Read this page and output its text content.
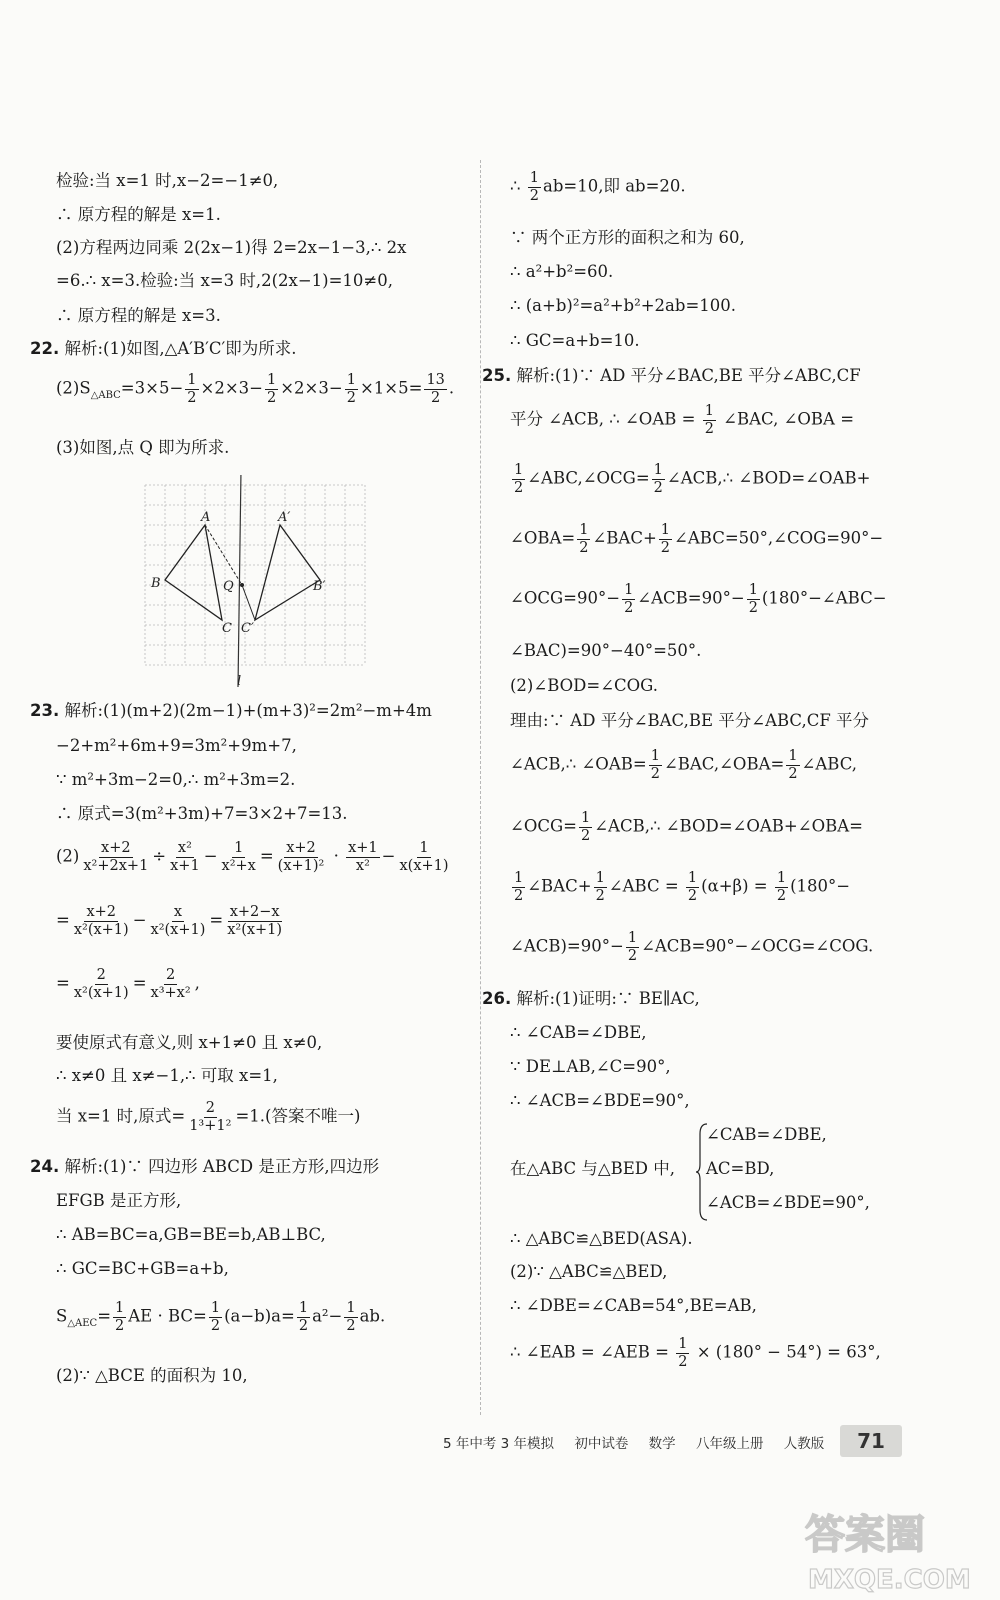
检验:当 x=1 时,x−2=−1≠0,
∴ 原方程的解是 x=1.
(2)方程两边同乘 2(2x−1)得 2=2x−1−3,∴ 2x
=6.∴ x=3.检验:当 x=3 时,2(2x−1)=10≠0,
∴ 原方程的解是 x=3.
22. 解析:(1)如图,△A′B′C′即为所求.
$(2)S_{\triangle ABC}=3\times 5- \frac{1}{2} \times 2\times 3- \frac{1}{2} \times 2\times 3- \frac{1}{2} \times 1\times 5= \frac{13}{2}$ .
(3)如图,点 Q 即为所求.
23. 解析:(1)(m+2)(2m−1)+(m+3)²=2m²−m+4m
−2+m²+6m+9=3m²+9m+7,
∵ m²+3m−2=0,∴ m²+3m=2.
∴ 原式=3(m²+3m)+7=3×2+7=13.
$(2) \frac{x+2}{\text{x²+2x+1}} \div \frac{\text{x²}}{x+1} - \frac{1}{\text{x²+x}} = \frac{x+2}{\text{(x+1)²}} \cdot \frac{x+1}{\text{x²}} - \frac{1}{x(x+1)}$
= $\frac{x+2}{\text{x²(x+1)}} - \frac{x}{\text{x²(x+1)}} = \frac{x+2-x}{\text{x²(x+1)}}$
= $\frac{2}{\text{x²(x+1)}} = \frac{2}{\text{x³+x²}}$ ,
要使原式有意义,则 x+1≠0 且 x≠0,
∴ x≠0 且 x≠−1,∴ 可取 x=1,
当 x=1 时,原式= $\frac{2}{\text{1³+1²}} =1$.(答案不唯一)
24. 解析:(1)∵ 四边形 ABCD 是正方形,四边形
EFGB 是正方形,
∴ AB=BC=a,GB=BE=b,AB⊥BC,
∴ GC=BC+GB=a+b,
$S_{\triangle AEC}= \frac{1}{2}$ AE · $BC= \frac{1}{2} (a-b)a= \frac{1}{2} a^2- \frac{1}{2}$ ab.
(2)∵ △BCE 的面积为 10,
A
B
C
Q
A′
B′
C′
l
∴ $\frac{1}{2} ab=10$,即 ab=20.
∵ 两个正方形的面积之和为 60,
∴ a²+b²=60.
∴ (a+b)²=a²+b²+2ab=100.
∴ GC=a+b=10.
25. 解析:(1)∵ AD 平分∠BAC,BE 平分∠ABC,CF
平分 ∠ACB, ∴ ∠OAB = $\frac{1}{2}$ ∠BAC, ∠OBA =
$\frac{1}{2}$ ∠ABC,∠OCG= $\frac{1}{2}$ ∠ACB,∴ ∠BOD=∠OAB+
∠OBA= $\frac{1}{2}$ ∠BAC+ $\frac{1}{2}$ ∠ABC=50°,∠COG=90°−
∠OCG=90°− $\frac{1}{2}$ ∠ACB=90°− $\frac{1}{2}$ (180°−∠ABC−
∠BAC)=90°−40°=50°.
(2)∠BOD=∠COG.
理由:∵ AD 平分∠BAC,BE 平分∠ABC,CF 平分
∠ACB,∴ ∠OAB= $\frac{1}{2}$ ∠BAC,∠OBA= $\frac{1}{2}$ ∠ABC,
∠OCG= $\frac{1}{2}$ ∠ACB,∴ ∠BOD=∠OAB+∠OBA=
$\frac{1}{2}$ ∠BAC+ $\frac{1}{2}$ ∠ABC = $\frac{1}{2} (\alpha+\beta) = \frac{1}{2} (180^\circ-$
∠ACB)=90°− $\frac{1}{2}$ ∠ACB=90°−∠OCG=∠COG.
26. 解析:(1)证明:∵ BE∥AC,
∴ ∠CAB=∠DBE,
∵ DE⊥AB,∠C=90°,
∴ ∠ACB=∠BDE=90°,
在△ABC 与△BED 中,
∠CAB=∠DBE,
AC=BD,
∠ACB=∠BDE=90°,
∴ △ABC≌△BED(ASA).
(2)∵ △ABC≌△BED,
∴ ∠DBE=∠CAB=54°,BE=AB,
∴ ∠EAB = ∠AEB = $\frac{1}{2} \times (180^\circ - 54^\circ) = 63^\circ$,
5 年中考 3 年模拟 初中试卷 数学 八年级上册 人教版	71
答案圈
MXQE.COM
